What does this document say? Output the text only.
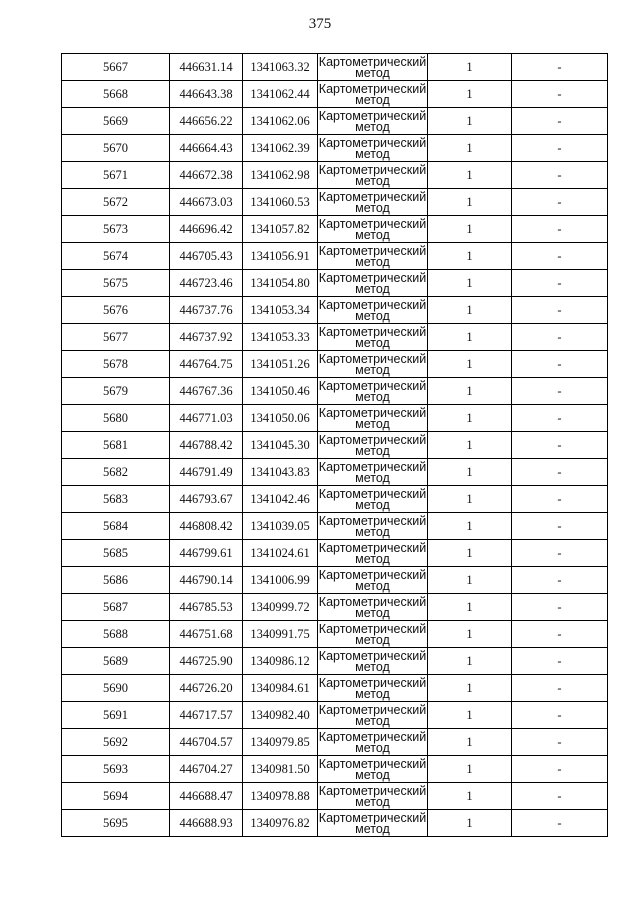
375
5667	446631.14	1341063.32	Картометрический
метод	1	-
5668	446643.38	1341062.44	Картометрический
метод	1	-
5669	446656.22	1341062.06	Картометрический
метод	1	-
5670	446664.43	1341062.39	Картометрический
метод	1	-
5671	446672.38	1341062.98	Картометрический
метод	1	-
5672	446673.03	1341060.53	Картометрический
метод	1	-
5673	446696.42	1341057.82	Картометрический
метод	1	-
5674	446705.43	1341056.91	Картометрический
метод	1	-
5675	446723.46	1341054.80	Картометрический
метод	1	-
5676	446737.76	1341053.34	Картометрический
метод	1	-
5677	446737.92	1341053.33	Картометрический
метод	1	-
5678	446764.75	1341051.26	Картометрический
метод	1	-
5679	446767.36	1341050.46	Картометрический
метод	1	-
5680	446771.03	1341050.06	Картометрический
метод	1	-
5681	446788.42	1341045.30	Картометрический
метод	1	-
5682	446791.49	1341043.83	Картометрический
метод	1	-
5683	446793.67	1341042.46	Картометрический
метод	1	-
5684	446808.42	1341039.05	Картометрический
метод	1	-
5685	446799.61	1341024.61	Картометрический
метод	1	-
5686	446790.14	1341006.99	Картометрический
метод	1	-
5687	446785.53	1340999.72	Картометрический
метод	1	-
5688	446751.68	1340991.75	Картометрический
метод	1	-
5689	446725.90	1340986.12	Картометрический
метод	1	-
5690	446726.20	1340984.61	Картометрический
метод	1	-
5691	446717.57	1340982.40	Картометрический
метод	1	-
5692	446704.57	1340979.85	Картометрический
метод	1	-
5693	446704.27	1340981.50	Картометрический
метод	1	-
5694	446688.47	1340978.88	Картометрический
метод	1	-
5695	446688.93	1340976.82	Картометрический
метод	1	-
